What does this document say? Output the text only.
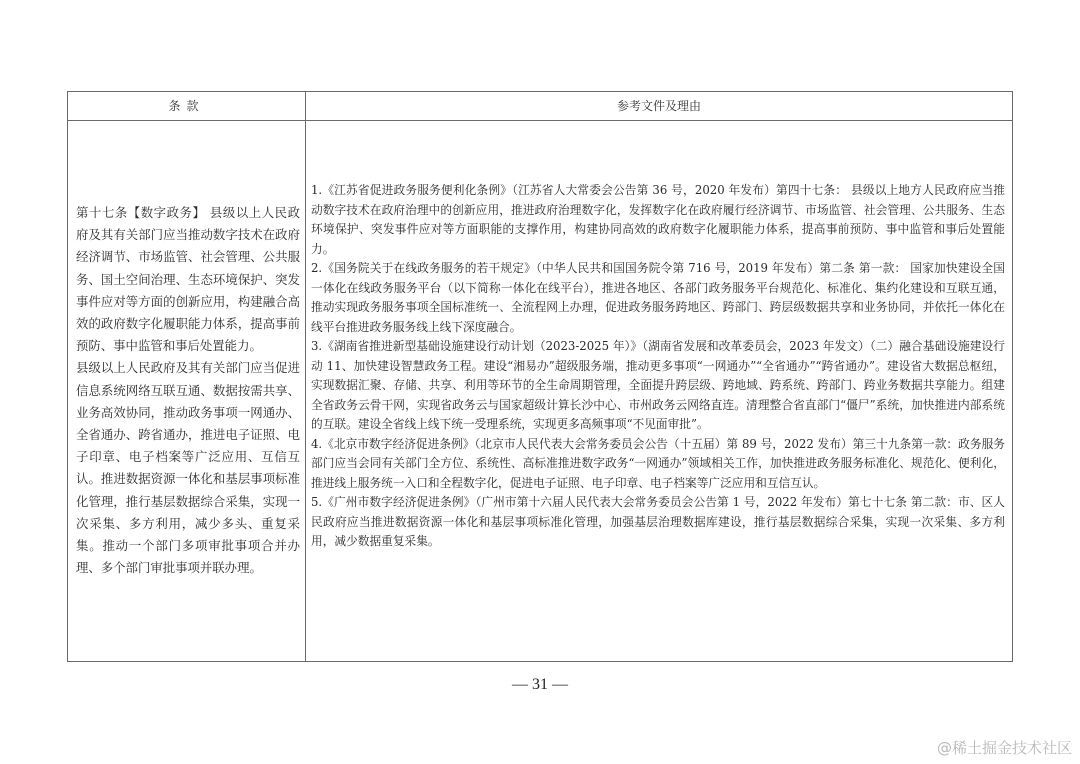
条款	参考文件及理由

第十七条【数字政务】 县级以上人民政府及其有关部门应当推动数字技术在政府经济调节、市场监管、社会管理、公共服务、国土空间治理、生态环境保护、突发事件应对等方面的创新应用，构建融合高效的政府数字化履职能力体系，提高事前预防、事中监管和事后处置能力。

县级以上人民政府及其有关部门应当促进信息系统网络互联互通、数据按需共享、业务高效协同，推动政务事项一网通办、全省通办、跨省通办，推进电子证照、电子印章、电子档案等广泛应用、互信互认。推进数据资源一体化和基层事项标准化管理，推行基层数据综合采集，实现一次采集、多方利用，减少多头、重复采集。推动一个部门多项审批事项合并办理、多个部门审批事项并联办理。

1.《江苏省促进政务服务便利化条例》（江苏省人大常委会公告第 36 号，2020 年发布）第四十七条： 县级以上地方人民政府应当推动数字技术在政府治理中的创新应用，推进政府治理数字化，发挥数字化在政府履行经济调节、市场监管、社会管理、公共服务、生态环境保护、突发事件应对等方面职能的支撑作用，构建协同高效的政府数字化履职能力体系，提高事前预防、事中监管和事后处置能力。

2.《国务院关于在线政务服务的若干规定》（中华人民共和国国务院令第 716 号，2019 年发布）第二条 第一款： 国家加快建设全国一体化在线政务服务平台（以下简称一体化在线平台），推进各地区、各部门政务服务平台规范化、标准化、集约化建设和互联互通，推动实现政务服务事项全国标准统一、全流程网上办理，促进政务服务跨地区、跨部门、跨层级数据共享和业务协同，并依托一体化在线平台推进政务服务线上线下深度融合。

3.《湖南省推进新型基础设施建设行动计划（2023-2025 年）》（湖南省发展和改革委员会，2023 年发文）（二）融合基础设施建设行动 11、加快建设智慧政务工程。建设“湘易办”超级服务端，推动更多事项“一网通办”“全省通办”“跨省通办”。建设省大数据总枢纽，实现数据汇聚、存储、共享、利用等环节的全生命周期管理，全面提升跨层级、跨地域、跨系统、跨部门、跨业务数据共享能力。组建全省政务云骨干网，实现省政务云与国家超级计算长沙中心、市州政务云网络直连。清理整合省直部门“僵尸”系统，加快推进内部系统的互联。建设全省线上线下统一受理系统，实现更多高频事项“不见面审批”。

4.《北京市数字经济促进条例》（北京市人民代表大会常务委员会公告（十五届）第 89 号，2022 发布）第三十九条第一款：政务服务部门应当会同有关部门全方位、系统性、高标准推进数字政务“一网通办”领域相关工作，加快推进政务服务标准化、规范化、便利化，推进线上服务统一入口和全程数字化，促进电子证照、电子印章、电子档案等广泛应用和互信互认。

5.《广州市数字经济促进条例》（广州市第十六届人民代表大会常务委员会公告第 1 号，2022 年发布）第七十七条 第二款：市、区人民政府应当推进数据资源一体化和基层事项标准化管理，加强基层治理数据库建设，推行基层数据综合采集，实现一次采集、多方利用，减少数据重复采集。

— 31 —
@稀土掘金技术社区
